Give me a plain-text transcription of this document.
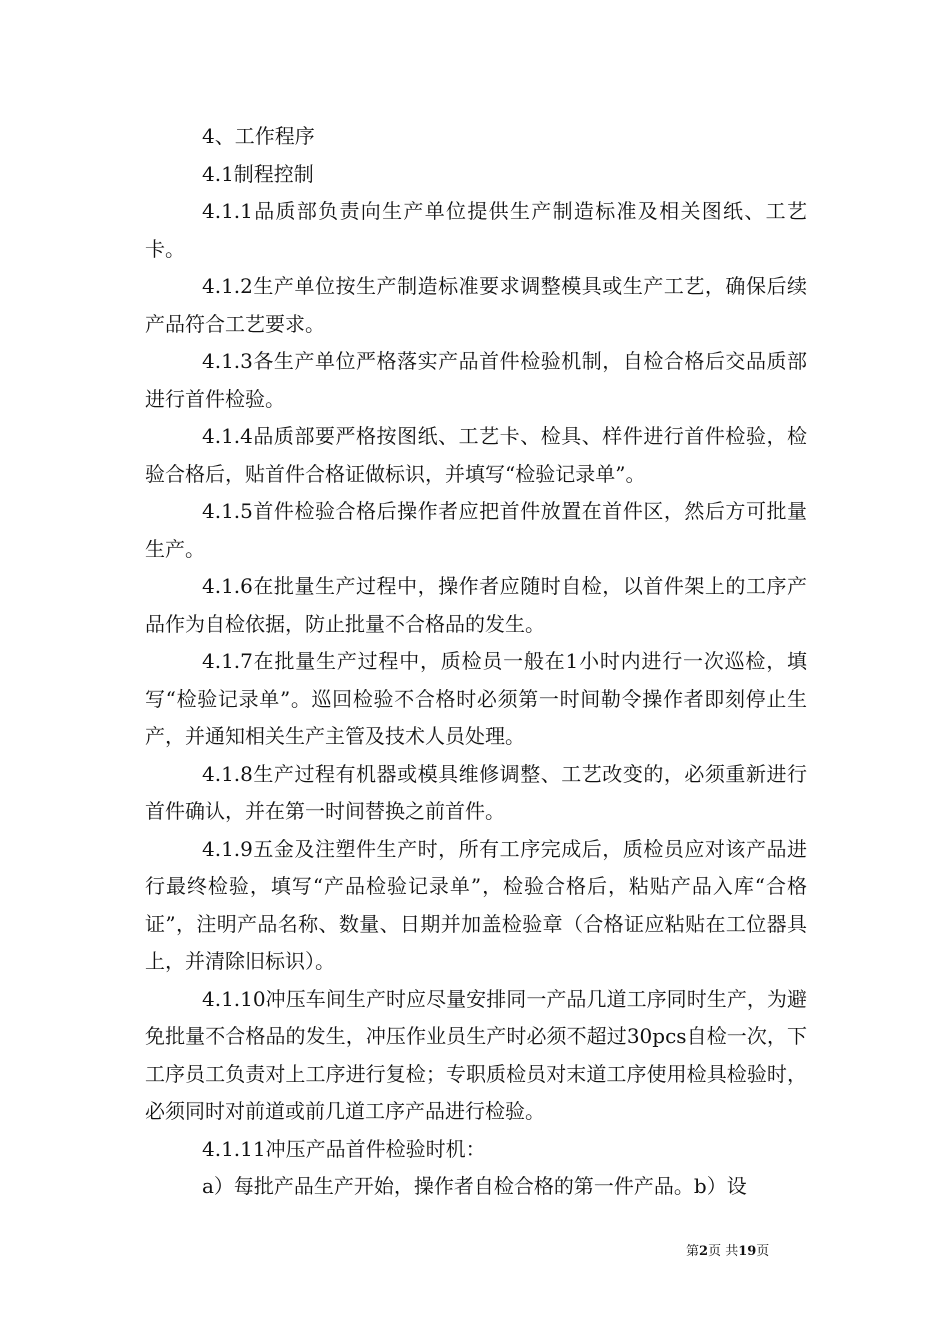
4、工作程序

4.1制程控制

4.1.1品质部负责向生产单位提供生产制造标准及相关图纸、工艺卡。

4.1.2生产单位按生产制造标准要求调整模具或生产工艺，确保后续产品符合工艺要求。

4.1.3各生产单位严格落实产品首件检验机制，自检合格后交品质部进行首件检验。

4.1.4品质部要严格按图纸、工艺卡、检具、样件进行首件检验，检验合格后，贴首件合格证做标识，并填写“检验记录单”。

4.1.5首件检验合格后操作者应把首件放置在首件区，然后方可批量生产。

4.1.6在批量生产过程中，操作者应随时自检，以首件架上的工序产品作为自检依据，防止批量不合格品的发生。

4.1.7在批量生产过程中，质检员一般在1小时内进行一次巡检，填写“检验记录单”。巡回检验不合格时必须第一时间勒令操作者即刻停止生产，并通知相关生产主管及技术人员处理。

4.1.8生产过程有机器或模具维修调整、工艺改变的，必须重新进行首件确认，并在第一时间替换之前首件。

4.1.9五金及注塑件生产时，所有工序完成后，质检员应对该产品进行最终检验，填写“产品检验记录单”，检验合格后，粘贴产品入库“合格证”，注明产品名称、数量、日期并加盖检验章（合格证应粘贴在工位器具上，并清除旧标识）。

4.1.10冲压车间生产时应尽量安排同一产品几道工序同时生产，为避免批量不合格品的发生，冲压作业员生产时必须不超过30pcs自检一次，下工序员工负责对上工序进行复检；专职质检员对末道工序使用检具检验时，必须同时对前道或前几道工序产品进行检验。

4.1.11冲压产品首件检验时机：

a）每批产品生产开始，操作者自检合格的第一件产品。b）设

第2页 共19页
